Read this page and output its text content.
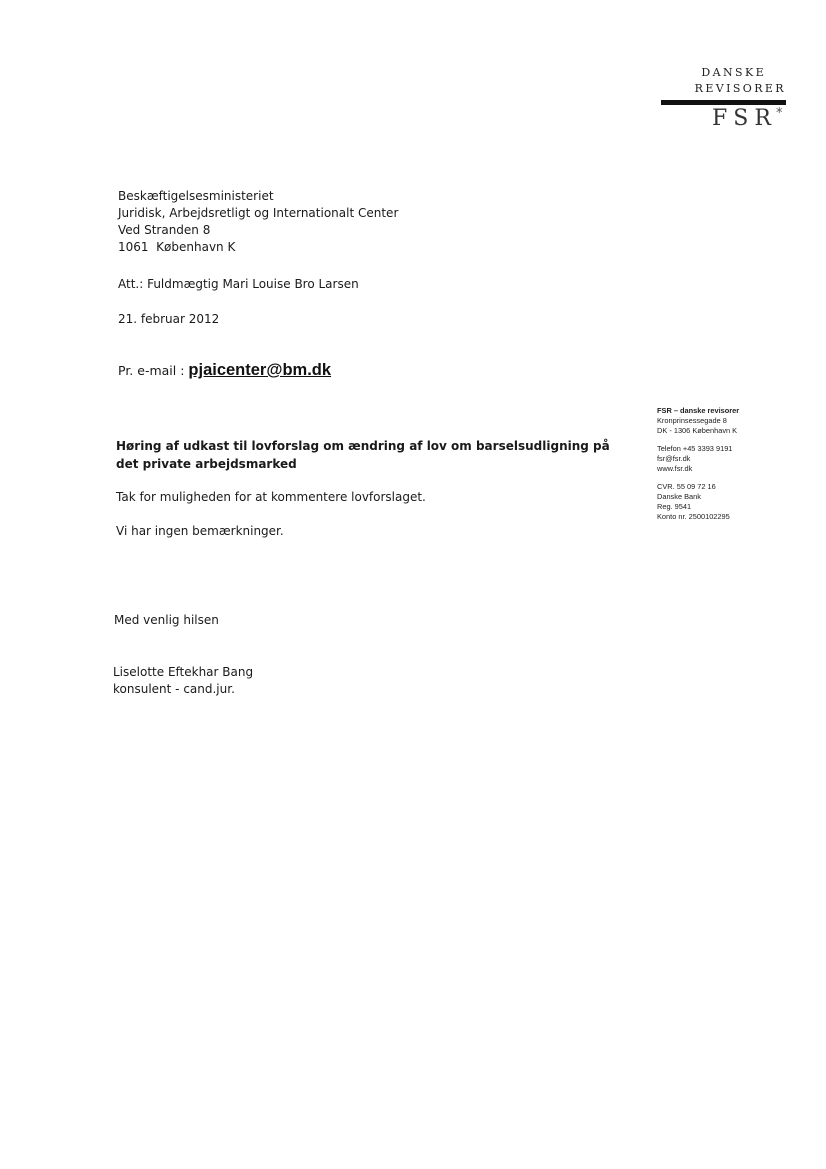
DANSKE
REVISORER
FSR *
Beskæftigelsesministeriet
Juridisk, Arbejdsretligt og Internationalt Center
Ved Stranden 8
1061  København K
Att.: Fuldmægtig Mari Louise Bro Larsen
21. februar 2012
Pr. e-mail : pjaicenter@bm.dk
Høring af udkast til lovforslag om ændring af lov om barselsudligning på
det private arbejdsmarked
Tak for muligheden for at kommentere lovforslaget.
Vi har ingen bemærkninger.
Med venlig hilsen
Liselotte Eftekhar Bang
konsulent - cand.jur.
FSR – danske revisorer
Kronprinsessegade 8
DK - 1306 København K
Telefon +45 3393 9191
fsr@fsr.dk
www.fsr.dk
CVR. 55 09 72 16
Danske Bank
Reg. 9541
Konto nr. 2500102295
